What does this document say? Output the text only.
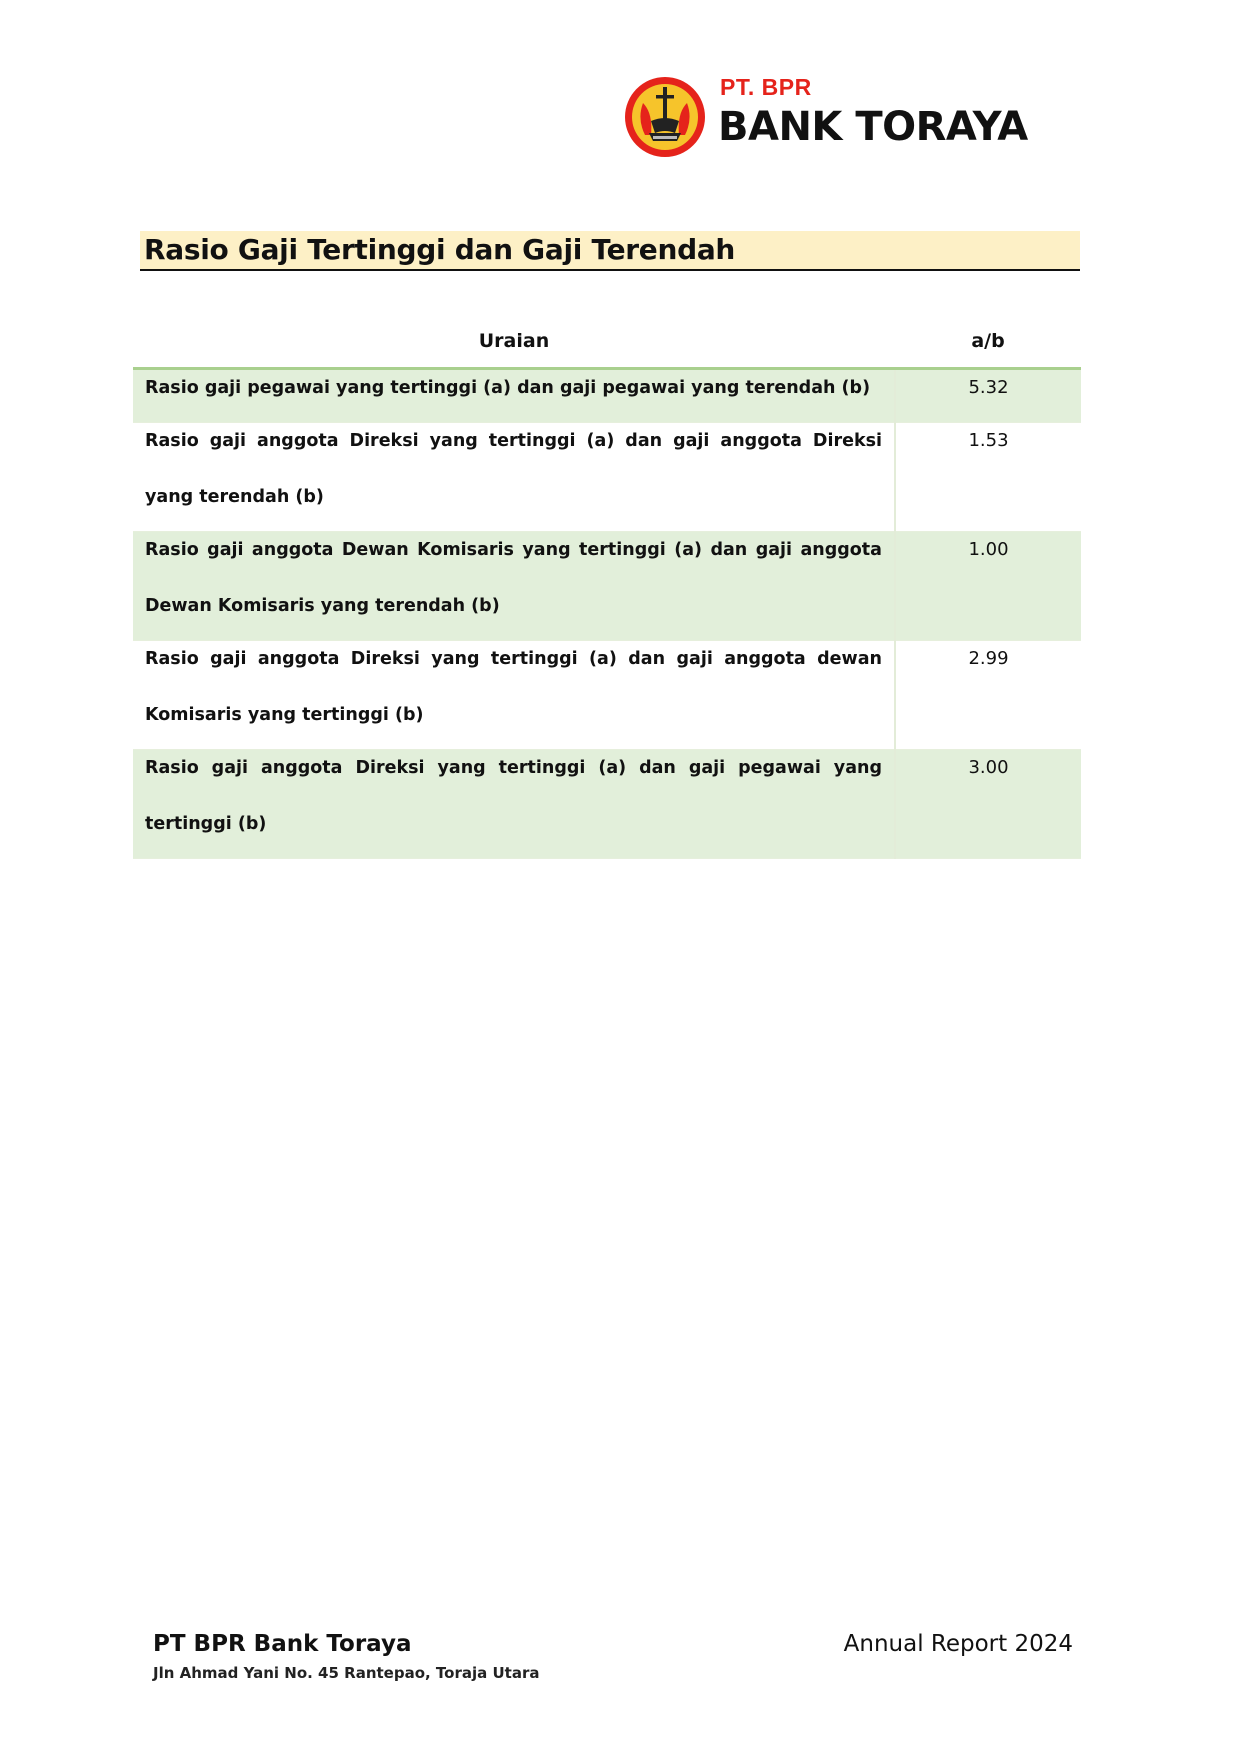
PT. BPR
BANK TORAYA
Rasio Gaji Tertinggi dan Gaji Terendah
Uraian	a/b

Rasio gaji pegawai yang tertinggi (a) dan gaji pegawai yang terendah (b)	5.32

Rasio gaji anggota Direksi yang tertinggi (a) dan gaji anggota Direksi yang terendah (b)	1.53

Rasio gaji anggota Dewan Komisaris yang tertinggi (a) dan gaji anggota Dewan Komisaris yang terendah (b)	1.00

Rasio gaji anggota Direksi yang tertinggi (a) dan gaji anggota dewan Komisaris yang tertinggi (b)	2.99

Rasio gaji anggota Direksi yang tertinggi (a) dan gaji pegawai yang tertinggi (b)	3.00
PT BPR Bank Toraya
Jln Ahmad Yani No. 45 Rantepao, Toraja Utara
Annual Report 2024
